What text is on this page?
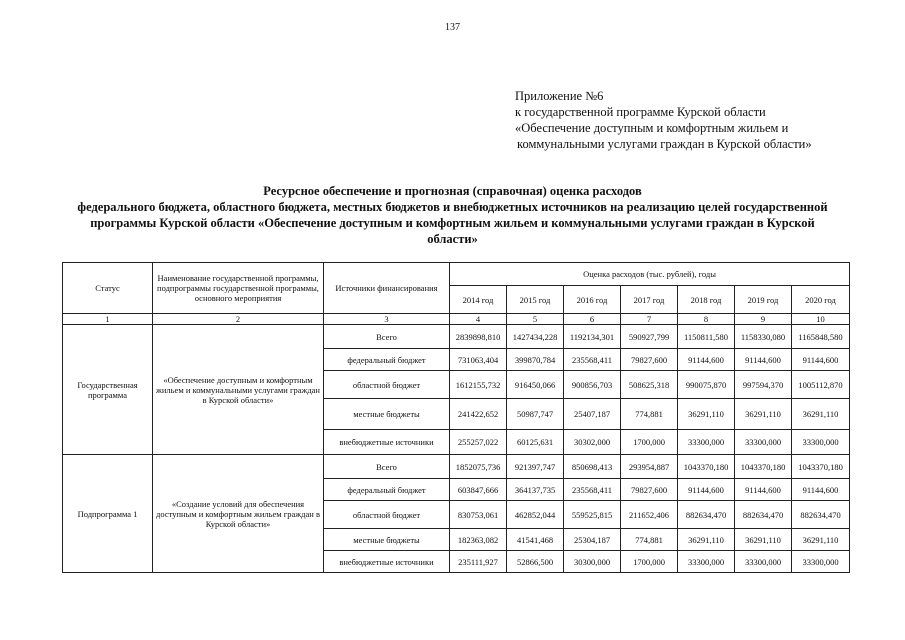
137
Приложение №6
к государственной программе Курской области
«Обеспечение доступным и комфортным жильем и
коммунальными услугами граждан в Курской области»
Ресурсное обеспечение и прогнозная (справочная) оценка расходов
федерального бюджета, областного бюджета, местных бюджетов и внебюджетных источников на реализацию целей государственной
программы Курской области «Обеспечение доступным и комфортным жильем и коммунальными услугами граждан в Курской
области»
Статус	Наименование государственной программы, подпрограммы государственной программы, основного мероприятия	Источники финансирования	Оценка расходов (тыс. рублей), годы						
			2014 год	2015 год	2016 год	2017 год	2018 год	2019 год	2020 год
1	2	3	4	5	6	7	8	9	10
Государственная программа	«Обеспечение доступным и комфортным жильем и коммунальными услугами граждан в Курской области»	Всего	2839898,810	1427434,228	1192134,301	590927,799	1150811,580	1158330,080	1165848,580
		федеральный бюджет	731063,404	399870,784	235568,411	79827,600	91144,600	91144,600	91144,600
		областной бюджет	1612155,732	916450,066	900856,703	508625,318	990075,870	997594,370	1005112,870
		местные бюджеты	241422,652	50987,747	25407,187	774,881	36291,110	36291,110	36291,110
		внебюджетные источники	255257,022	60125,631	30302,000	1700,000	33300,000	33300,000	33300,000
Подпрограмма 1	«Создание условий для обеспечения доступным и комфортным жильем граждан в Курской области»	Всего	1852075,736	921397,747	850698,413	293954,887	1043370,180	1043370,180	1043370,180
		федеральный бюджет	603847,666	364137,735	235568,411	79827,600	91144,600	91144,600	91144,600
		областной бюджет	830753,061	462852,044	559525,815	211652,406	882634,470	882634,470	882634,470
		местные бюджеты	182363,082	41541,468	25304,187	774,881	36291,110	36291,110	36291,110
		внебюджетные источники	235111,927	52866,500	30300,000	1700,000	33300,000	33300,000	33300,000
